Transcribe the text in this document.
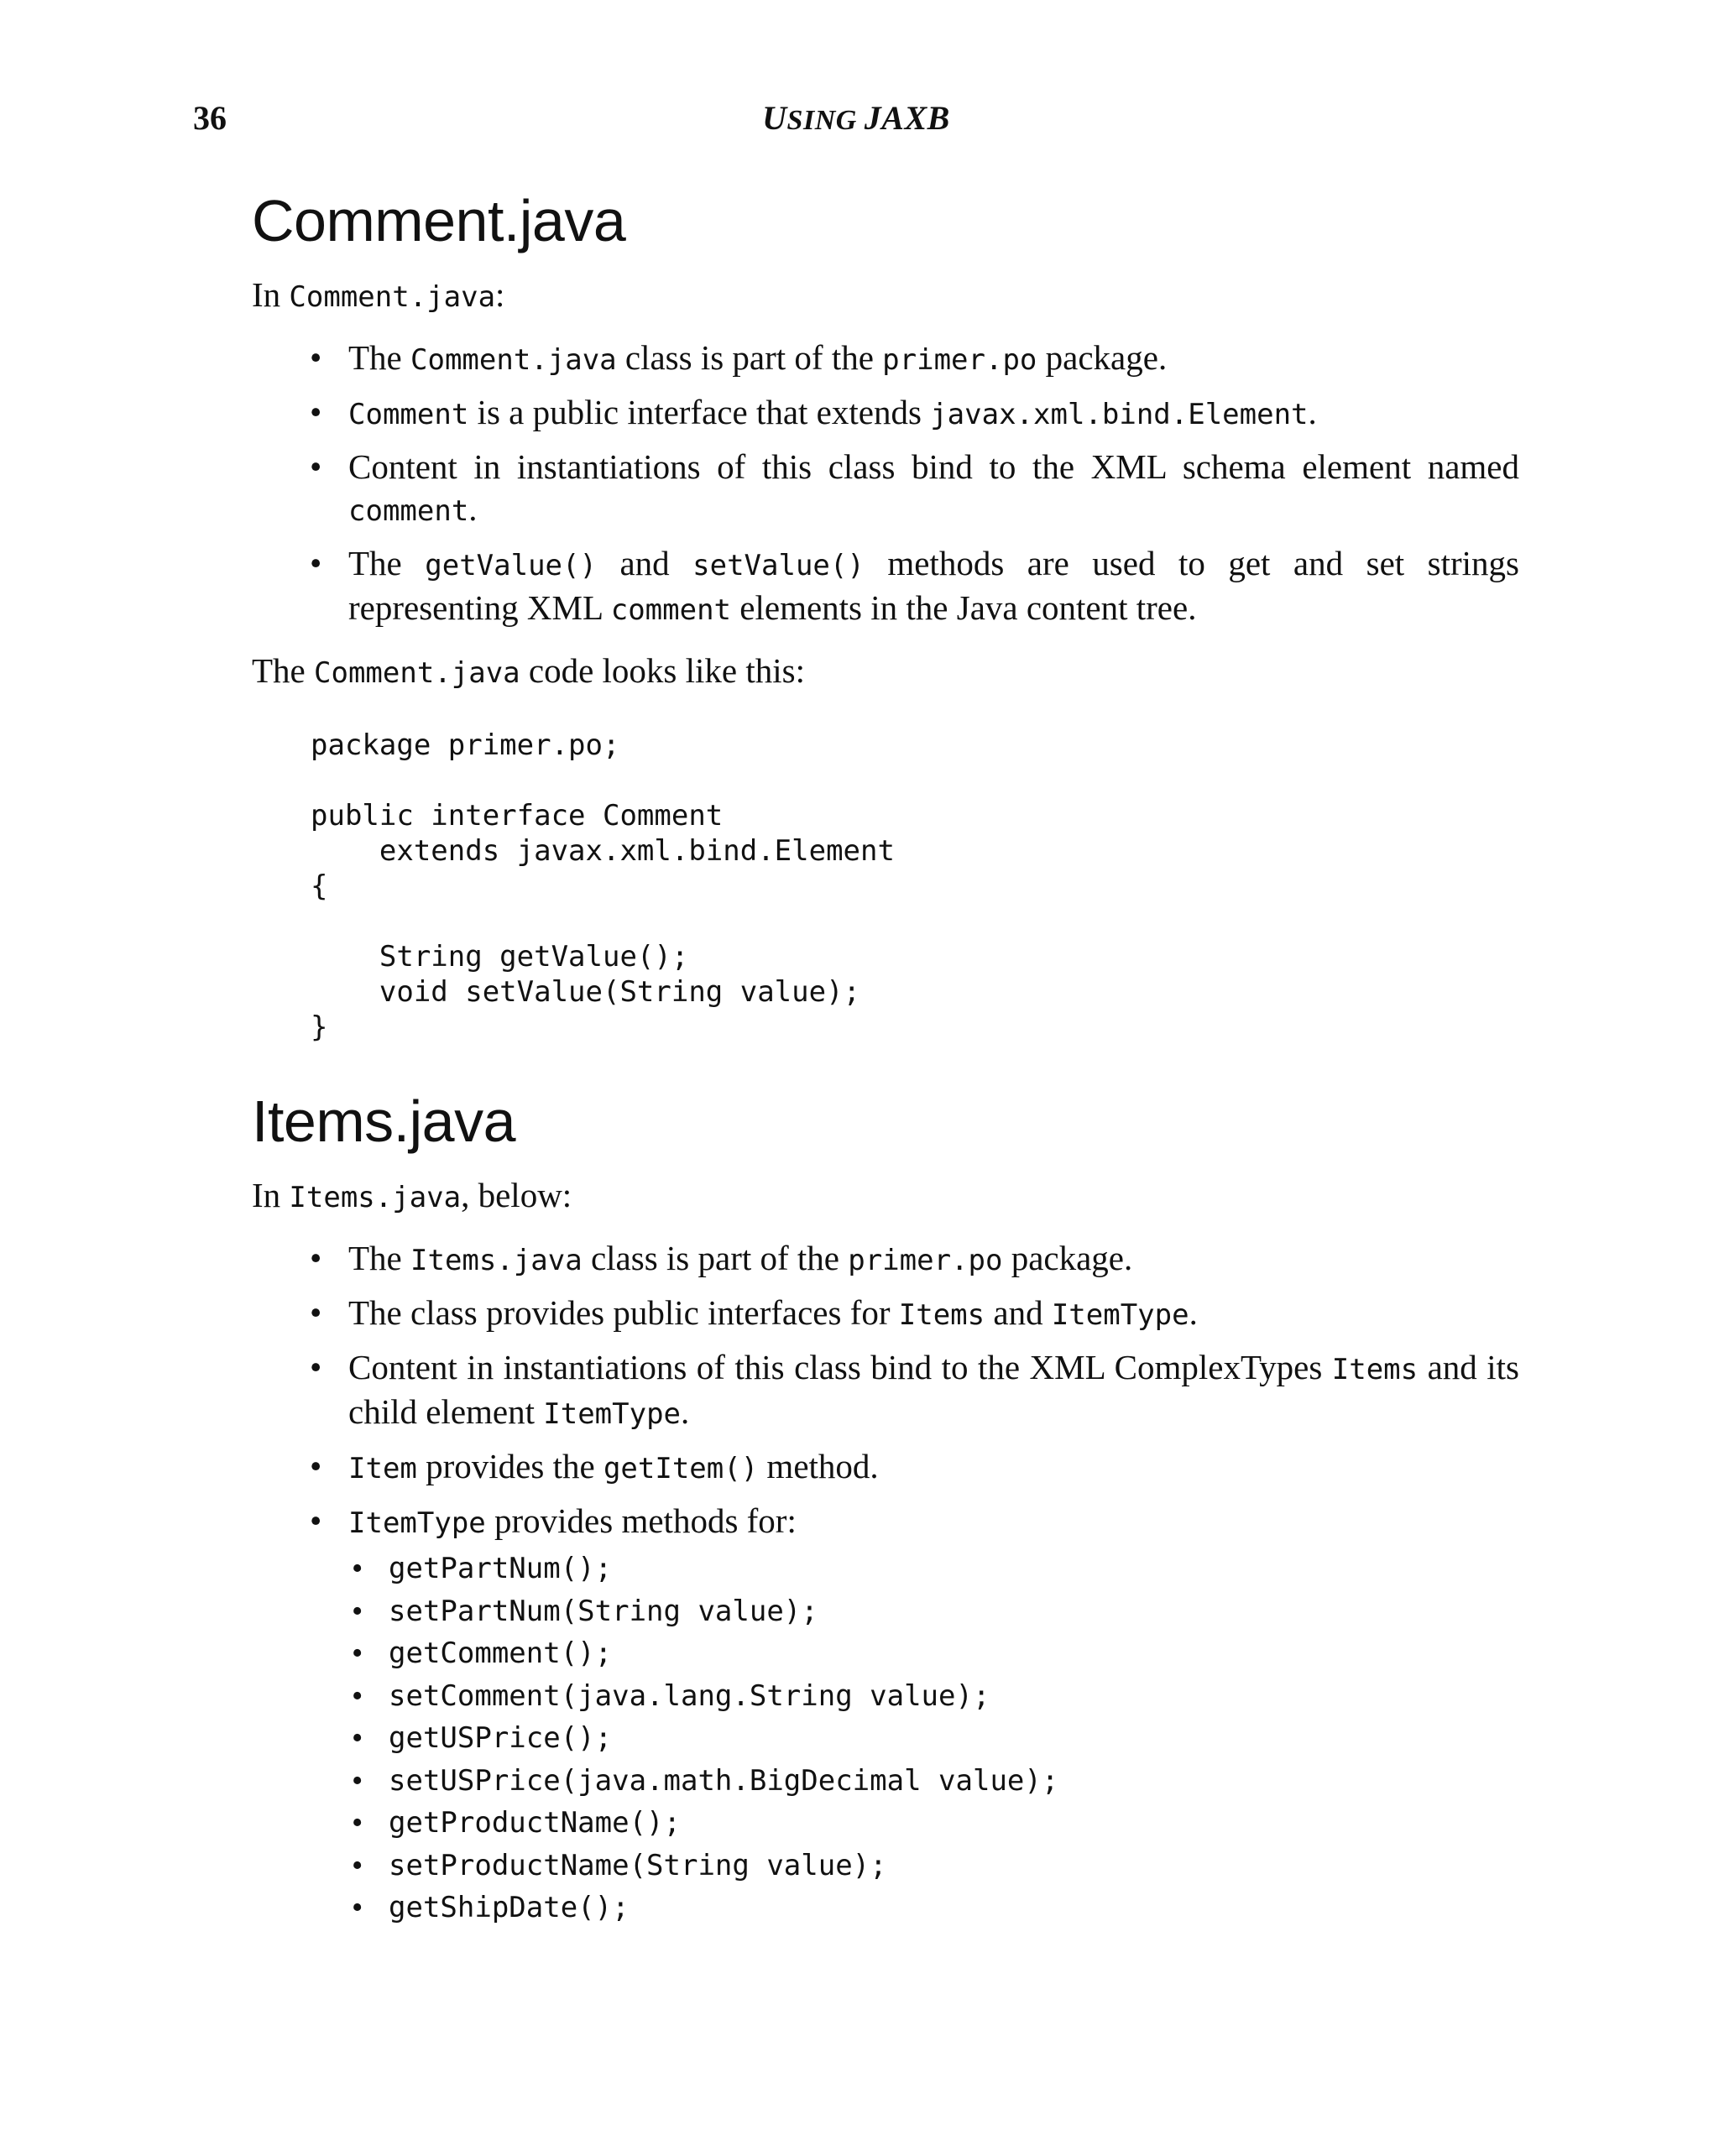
36	USING JAXB
Comment.java

In Comment.java:

• The Comment.java class is part of the primer.po package.
• Comment is a public interface that extends javax.xml.bind.Element.
• Content in instantiations of this class bind to the XML schema element named comment.
• The getValue() and setValue() methods are used to get and set strings representing XML comment elements in the Java content tree.

The Comment.java code looks like this:

package primer.po;

public interface Comment
extends javax.xml.bind.Element
{

String getValue();
void setValue(String value);
}
Items.java

In Items.java, below:

• The Items.java class is part of the primer.po package.
• The class provides public interfaces for Items and ItemType.
• Content in instantiations of this class bind to the XML ComplexTypes Items and its child element ItemType.
• Item provides the getItem() method.
• ItemType provides methods for:
• getPartNum();
• setPartNum(String value);
• getComment();
• setComment(java.lang.String value);
• getUSPrice();
• setUSPrice(java.math.BigDecimal value);
• getProductName();
• setProductName(String value);
• getShipDate();
